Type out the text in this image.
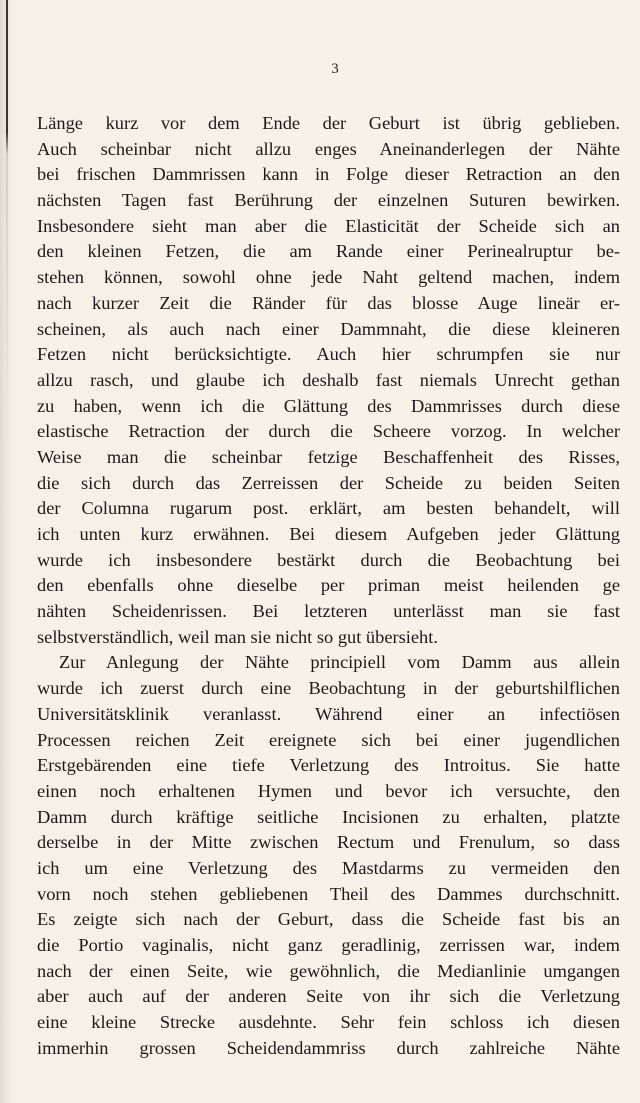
3
Länge kurz vor dem Ende der Geburt ist übrig geblieben.
Auch scheinbar nicht allzu enges Aneinanderlegen der Nähte
bei frischen Dammrissen kann in Folge dieser Retraction an den
nächsten Tagen fast Berührung der einzelnen Suturen bewirken.
Insbesondere sieht man aber die Elasticität der Scheide sich an
den kleinen Fetzen, die am Rande einer Perinealruptur be-
stehen können, sowohl ohne jede Naht geltend machen, indem
nach kurzer Zeit die Ränder für das blosse Auge lineär er-
scheinen, als auch nach einer Dammnaht, die diese kleineren
Fetzen nicht berücksichtigte. Auch hier schrumpfen sie nur
allzu rasch, und glaube ich deshalb fast niemals Unrecht gethan
zu haben, wenn ich die Glättung des Dammrisses durch diese
elastische Retraction der durch die Scheere vorzog. In welcher
Weise man die scheinbar fetzige Beschaffenheit des Risses,
die sich durch das Zerreissen der Scheide zu beiden Seiten
der Columna rugarum post. erklärt, am besten behandelt, will
ich unten kurz erwähnen. Bei diesem Aufgeben jeder Glättung
wurde ich insbesondere bestärkt durch die Beobachtung bei
den ebenfalls ohne dieselbe per priman meist heilenden ge
nähten Scheidenrissen. Bei letzteren unterlässt man sie fast
selbstverständlich, weil man sie nicht so gut übersieht.
Zur Anlegung der Nähte principiell vom Damm aus allein
wurde ich zuerst durch eine Beobachtung in der geburtshilflichen
Universitätsklinik veranlasst. Während einer an infectiösen
Processen reichen Zeit ereignete sich bei einer jugendlichen
Erstgebärenden eine tiefe Verletzung des Introitus. Sie hatte
einen noch erhaltenen Hymen und bevor ich versuchte, den
Damm durch kräftige seitliche Incisionen zu erhalten, platzte
derselbe in der Mitte zwischen Rectum und Frenulum, so dass
ich um eine Verletzung des Mastdarms zu vermeiden den
vorn noch stehen gebliebenen Theil des Dammes durchschnitt.
Es zeigte sich nach der Geburt, dass die Scheide fast bis an
die Portio vaginalis, nicht ganz geradlinig, zerrissen war, indem
nach der einen Seite, wie gewöhnlich, die Medianlinie umgangen
aber auch auf der anderen Seite von ihr sich die Verletzung
eine kleine Strecke ausdehnte. Sehr fein schloss ich diesen
immerhin grossen Scheidendammriss durch zahlreiche Nähte
